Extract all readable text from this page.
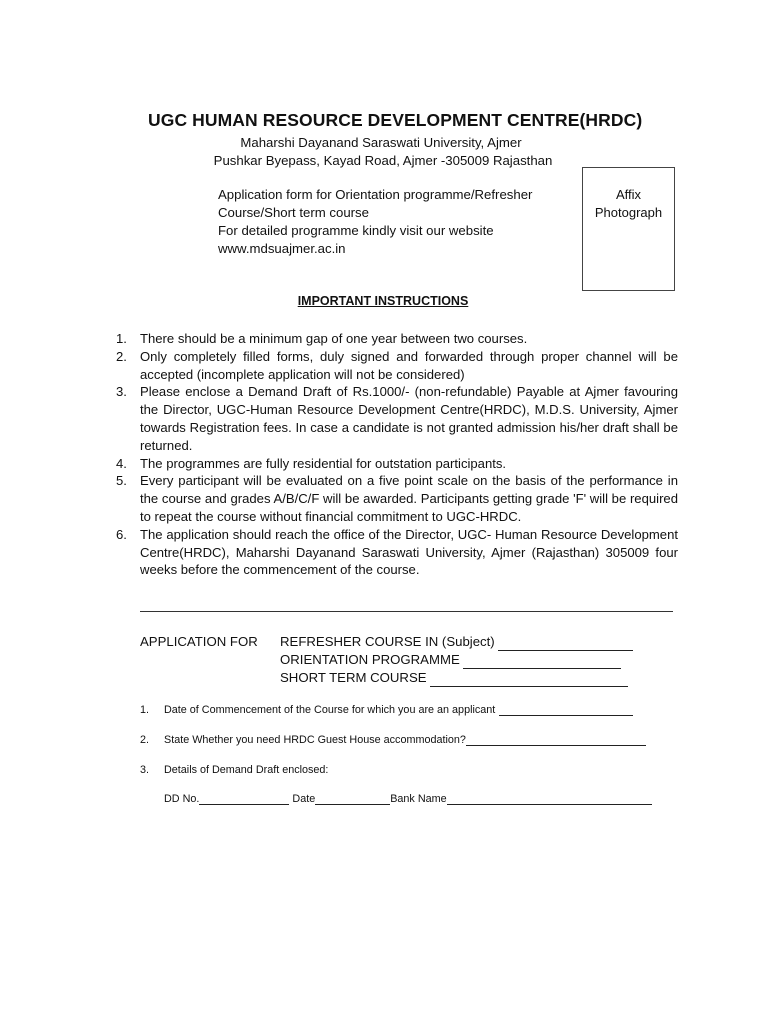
UGC HUMAN RESOURCE DEVELOPMENT CENTRE(HRDC)
Maharshi Dayanand Saraswati University, Ajmer
Pushkar Byepass, Kayad Road, Ajmer -305009 Rajasthan
Application form for Orientation programme/Refresher
Course/Short term course
For detailed programme kindly visit our website
www.mdsuajmer.ac.in
Affix
Photograph
IMPORTANT INSTRUCTIONS
1. There should be a minimum gap of one year between two courses.
2. Only completely filled forms, duly signed and forwarded through proper channel will be accepted (incomplete application will not be considered)
3. Please enclose a Demand Draft of Rs.1000/- (non-refundable) Payable at Ajmer favouring the Director, UGC-Human Resource Development Centre(HRDC), M.D.S. University, Ajmer towards Registration fees. In case a candidate is not granted admission his/her draft shall be returned.
4. The programmes are fully residential for outstation participants.
5. Every participant will be evaluated on a five point scale on the basis of the performance in the course and grades A/B/C/F will be awarded. Participants getting grade 'F' will be required to repeat the course without financial commitment to UGC-HRDC.
6. The application should reach the office of the Director, UGC- Human Resource Development Centre(HRDC), Maharshi Dayanand Saraswati University, Ajmer (Rajasthan) 305009 four weeks before the commencement of the course.
APPLICATION FOR REFRESHER COURSE IN (Subject)
ORIENTATION PROGRAMME
SHORT TERM COURSE
1.	Date of Commencement of the Course for which you are an applicant
2.	State Whether you need HRDC Guest House accommodation?
3.	Details of Demand Draft enclosed:
DD No.	Date	Bank Name
